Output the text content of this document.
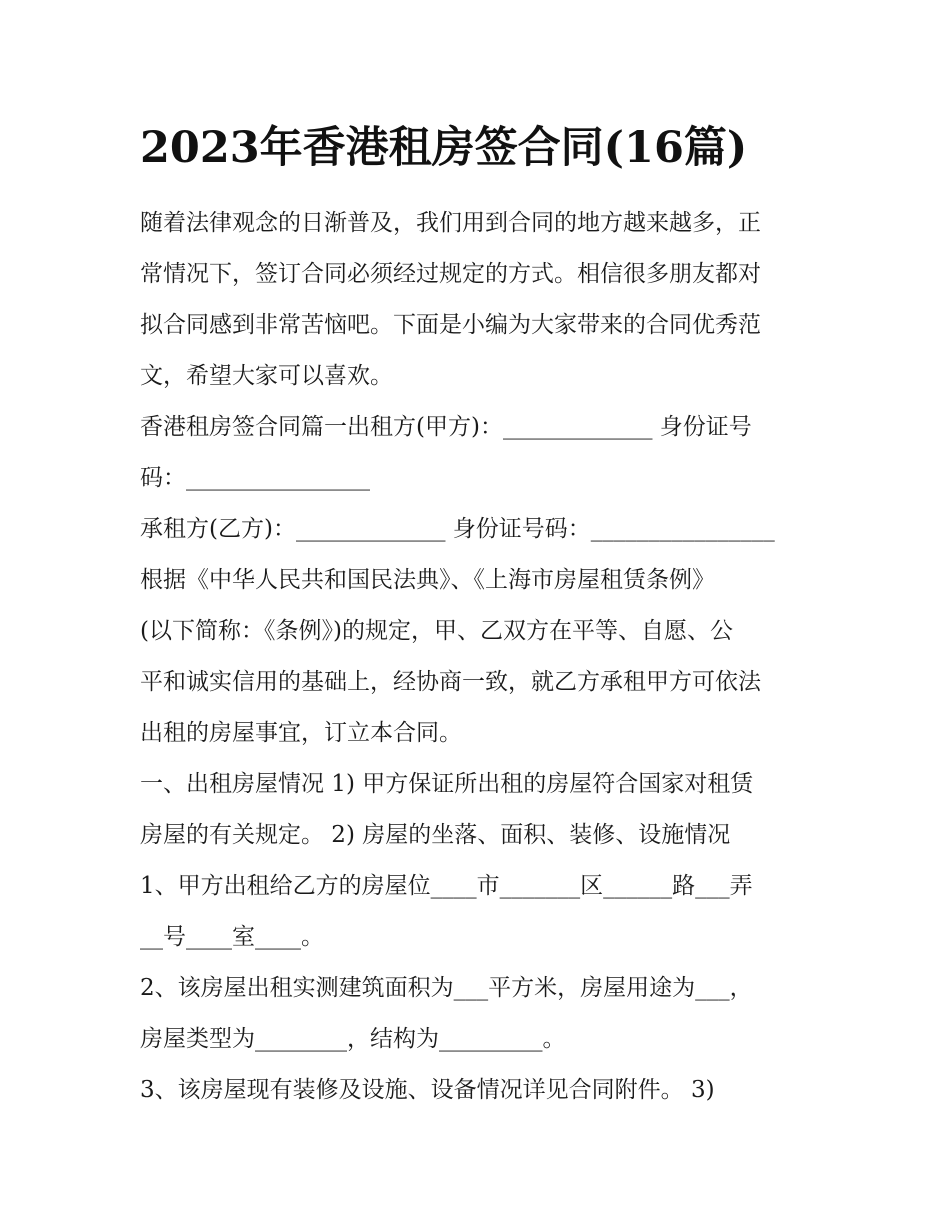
2023年香港租房签合同(16篇)
随着法律观念的日渐普及，我们用到合同的地方越来越多，正
常情况下，签订合同必须经过规定的方式。相信很多朋友都对
拟合同感到非常苦恼吧。下面是小编为大家带来的合同优秀范
文，希望大家可以喜欢。
香港租房签合同篇一出租方(甲方)：_____________ 身份证号
码：________________
承租方(乙方)：_____________ 身份证号码：________________
根据《中华人民共和国民法典》、《上海市房屋租赁条例》
(以下简称：《条例》)的规定，甲、乙双方在平等、自愿、公
平和诚实信用的基础上，经协商一致，就乙方承租甲方可依法
出租的房屋事宜，订立本合同。
一、出租房屋情况 1) 甲方保证所出租的房屋符合国家对租赁
房屋的有关规定。 2) 房屋的坐落、面积、装修、设施情况
1、甲方出租给乙方的房屋位____市_______区______路___弄
__号____室____。
2、该房屋出租实测建筑面积为___平方米，房屋用途为___，
房屋类型为________，结构为_________。
3、该房屋现有装修及设施、设备情况详见合同附件。 3)
